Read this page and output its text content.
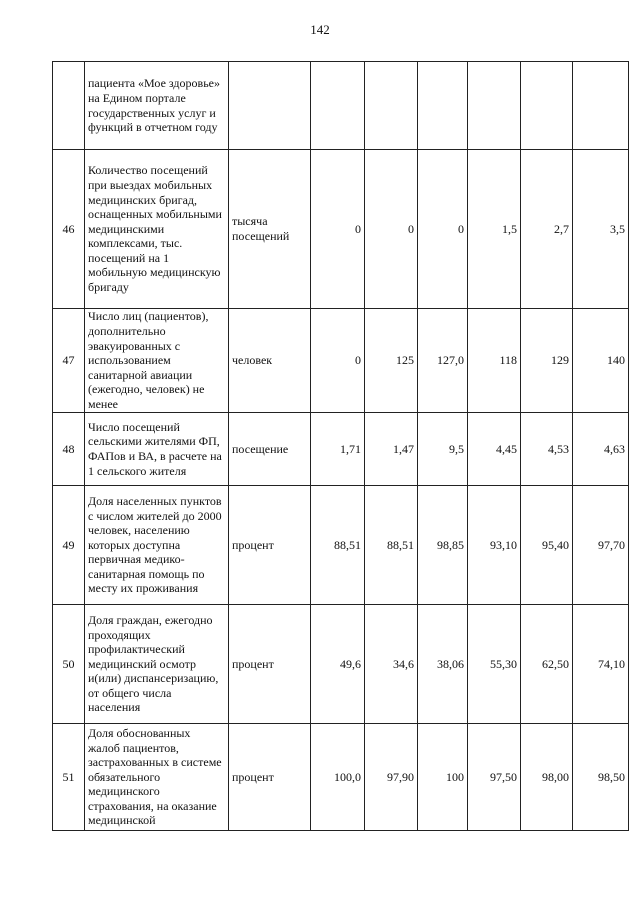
142
	пациента «Мое здоровье» на Едином портале государственных услуг и функций в отчетном году							
46	Количество посещений при выездах мобильных медицинских бригад, оснащенных мобильными медицинскими комплексами, тыс. посещений на 1 мобильную медицинскую бригаду	тысяча посещений	0	0	0	1,5	2,7	3,5
47	Число лиц (пациентов), дополнительно эвакуированных с использованием санитарной авиации (ежегодно, человек) не менее	человек	0	125	127,0	118	129	140
48	Число посещений сельскими жителями ФП, ФАПов и ВА, в расчете на 1 сельского жителя	посещение	1,71	1,47	9,5	4,45	4,53	4,63
49	Доля населенных пунктов с числом жителей до 2000 человек, населению которых доступна первичная медико-санитарная помощь по месту их проживания	процент	88,51	88,51	98,85	93,10	95,40	97,70
50	Доля граждан, ежегодно проходящих профилактический медицинский осмотр и(или) диспансеризацию, от общего числа населения	процент	49,6	34,6	38,06	55,30	62,50	74,10
51	Доля обоснованных жалоб пациентов, застрахованных в системе обязательного медицинского страхования, на оказание медицинской	процент	100,0	97,90	100	97,50	98,00	98,50
